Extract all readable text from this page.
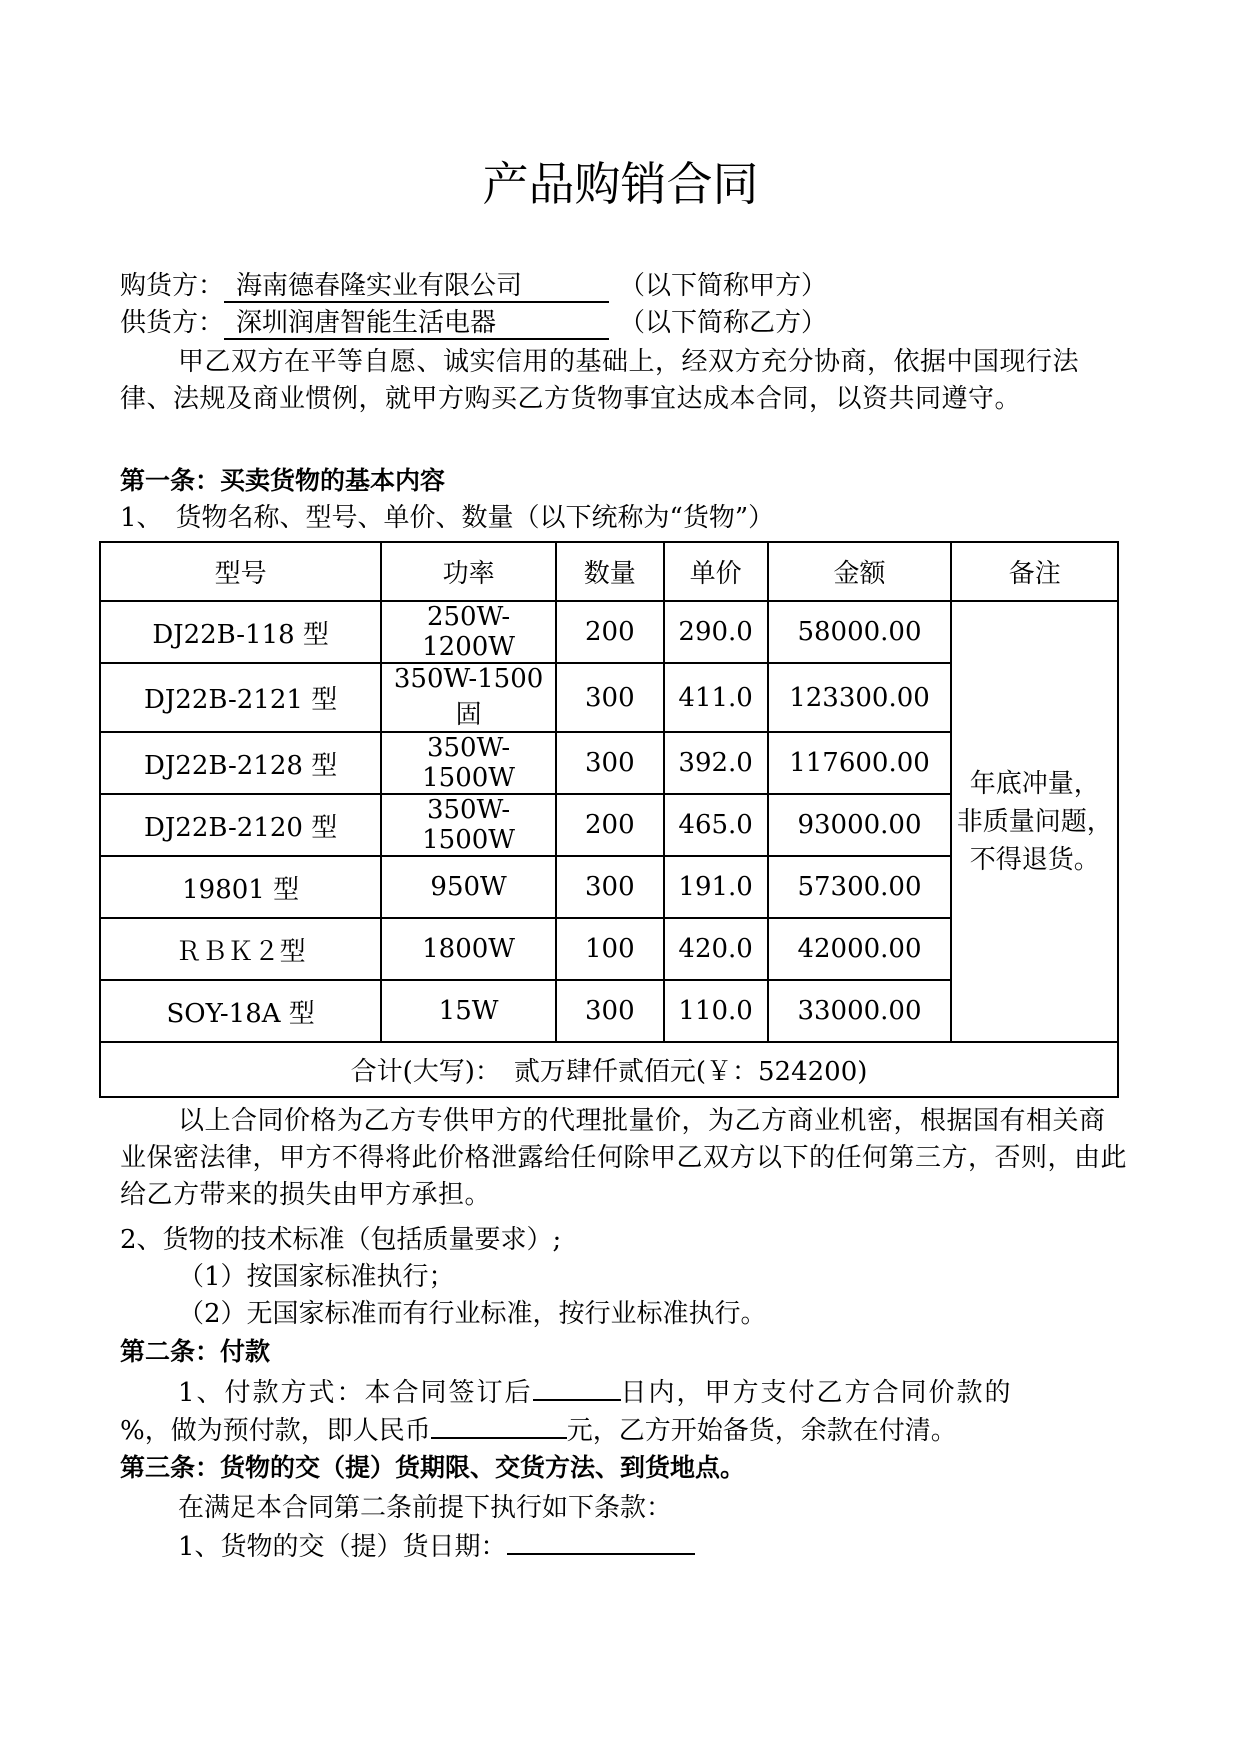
产品购销合同
购货方： 海南德春隆实业有限公司	（以下简称甲方）
供货方： 深圳润唐智能生活电器	（以下简称乙方）
甲乙双方在平等自愿、诚实信用的基础上，经双方充分协商，依据中国现行法律、法规及商业惯例，就甲方购买乙方货物事宜达成本合同，以资共同遵守。
第一条：买卖货物的基本内容
1、　货物名称、型号、单价、数量（以下统称为“货物”）
型号	功率	数量	单价	金额	备注
DJ22B-118 型	250W-1200W	200	290.0	58000.00	年底冲量，
非质量问题，
不得退货。

DJ22B-2121 型	350W-1500 固	300	411.0	123300.00	
DJ22B-2128 型	350W-1500W	300	392.0	117600.00	
DJ22B-2120 型	350W-1500W	200	465.0	93000.00	
19801 型	950W	300	191.0	57300.00	
ＲＢＫ２型	1800W	100	420.0	42000.00	
SOY-18A 型	15W	300	110.0	33000.00	
合计(大写)：　贰万肆仟贰佰元(￥：524200)					
以上合同价格为乙方专供甲方的代理批量价，为乙方商业机密，根据国有相关商业保密法律，甲方不得将此价格泄露给任何除甲乙双方以下的任何第三方，否则，由此给乙方带来的损失由甲方承担。
2、货物的技术标准（包括质量要求）;
（1）按国家标准执行；
（2）无国家标准而有行业标准，按行业标准执行。
第二条：付款
1、付款方式：本合同签订后	日内，甲方支付乙方合同价款的
%，做为预付款，即人民币	元，乙方开始备货，余款在付清。
第三条：货物的交（提）货期限、交货方法、到货地点。
在满足本合同第二条前提下执行如下条款：
1、货物的交（提）货日期：
